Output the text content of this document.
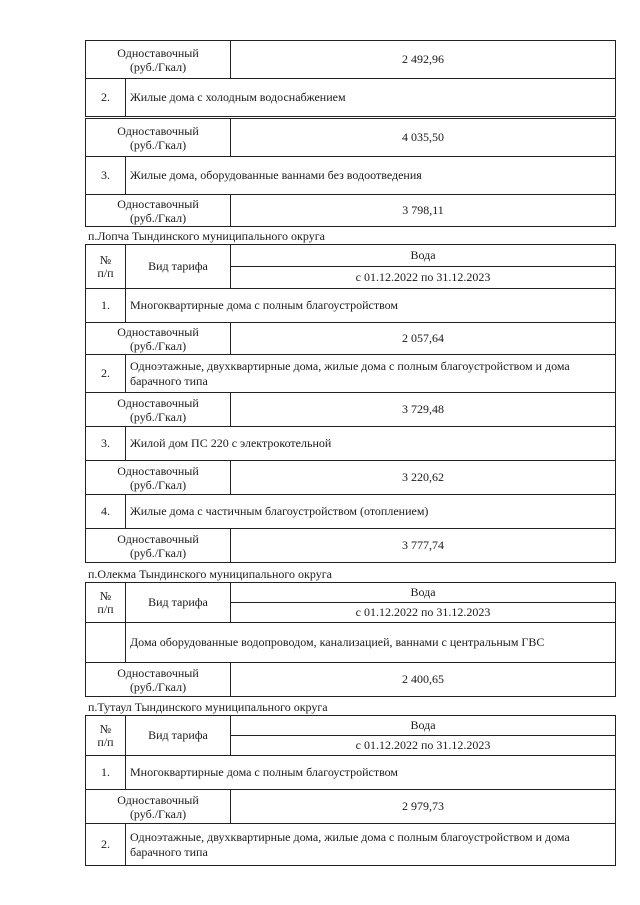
Одноставочный
(руб./Гкал)		2 492,96
2.	Жилые дома с холодным водоснабжением	
Одноставочный
(руб./Гкал)		4 035,50
3.	Жилые дома, оборудованные ваннами без водоотведения	

Одноставочный
(руб./Гкал)		3 798,11
п.Лопча Тындинского муниципального округа
№
п/п	Вид тарифа	Вода
		с 01.12.2022 по 31.12.2023
1.	Многоквартирные дома с полным благоустройством	

Одноставочный
(руб./Гкал)		2 057,64
2.	Одноэтажные, двухквартирные дома, жилые дома с полным благоустройством и дома барачного типа	

Одноставочный
(руб./Гкал)		3 729,48
3.	Жилой дом ПС 220 с электрокотельной	

Одноставочный
(руб./Гкал)		3 220,62
4.	Жилые дома с частичным благоустройством (отоплением)	

Одноставочный
(руб./Гкал)		3 777,74
п.Олекма Тындинского муниципального округа
№
п/п	Вид тарифа	Вода
		с 01.12.2022 по 31.12.2023
	Дома оборудованные водопроводом, канализацией, ваннами с центральным ГВС	

Одноставочный
(руб./Гкал)		2 400,65
п.Тутаул Тындинского муниципального округа
№
п/п	Вид тарифа	Вода
		с 01.12.2022 по 31.12.2023
1.	Многоквартирные дома с полным благоустройством	

Одноставочный
(руб./Гкал)		2 979,73
2.	Одноэтажные, двухквартирные дома, жилые дома с полным благоустройством и дома барачного типа	
